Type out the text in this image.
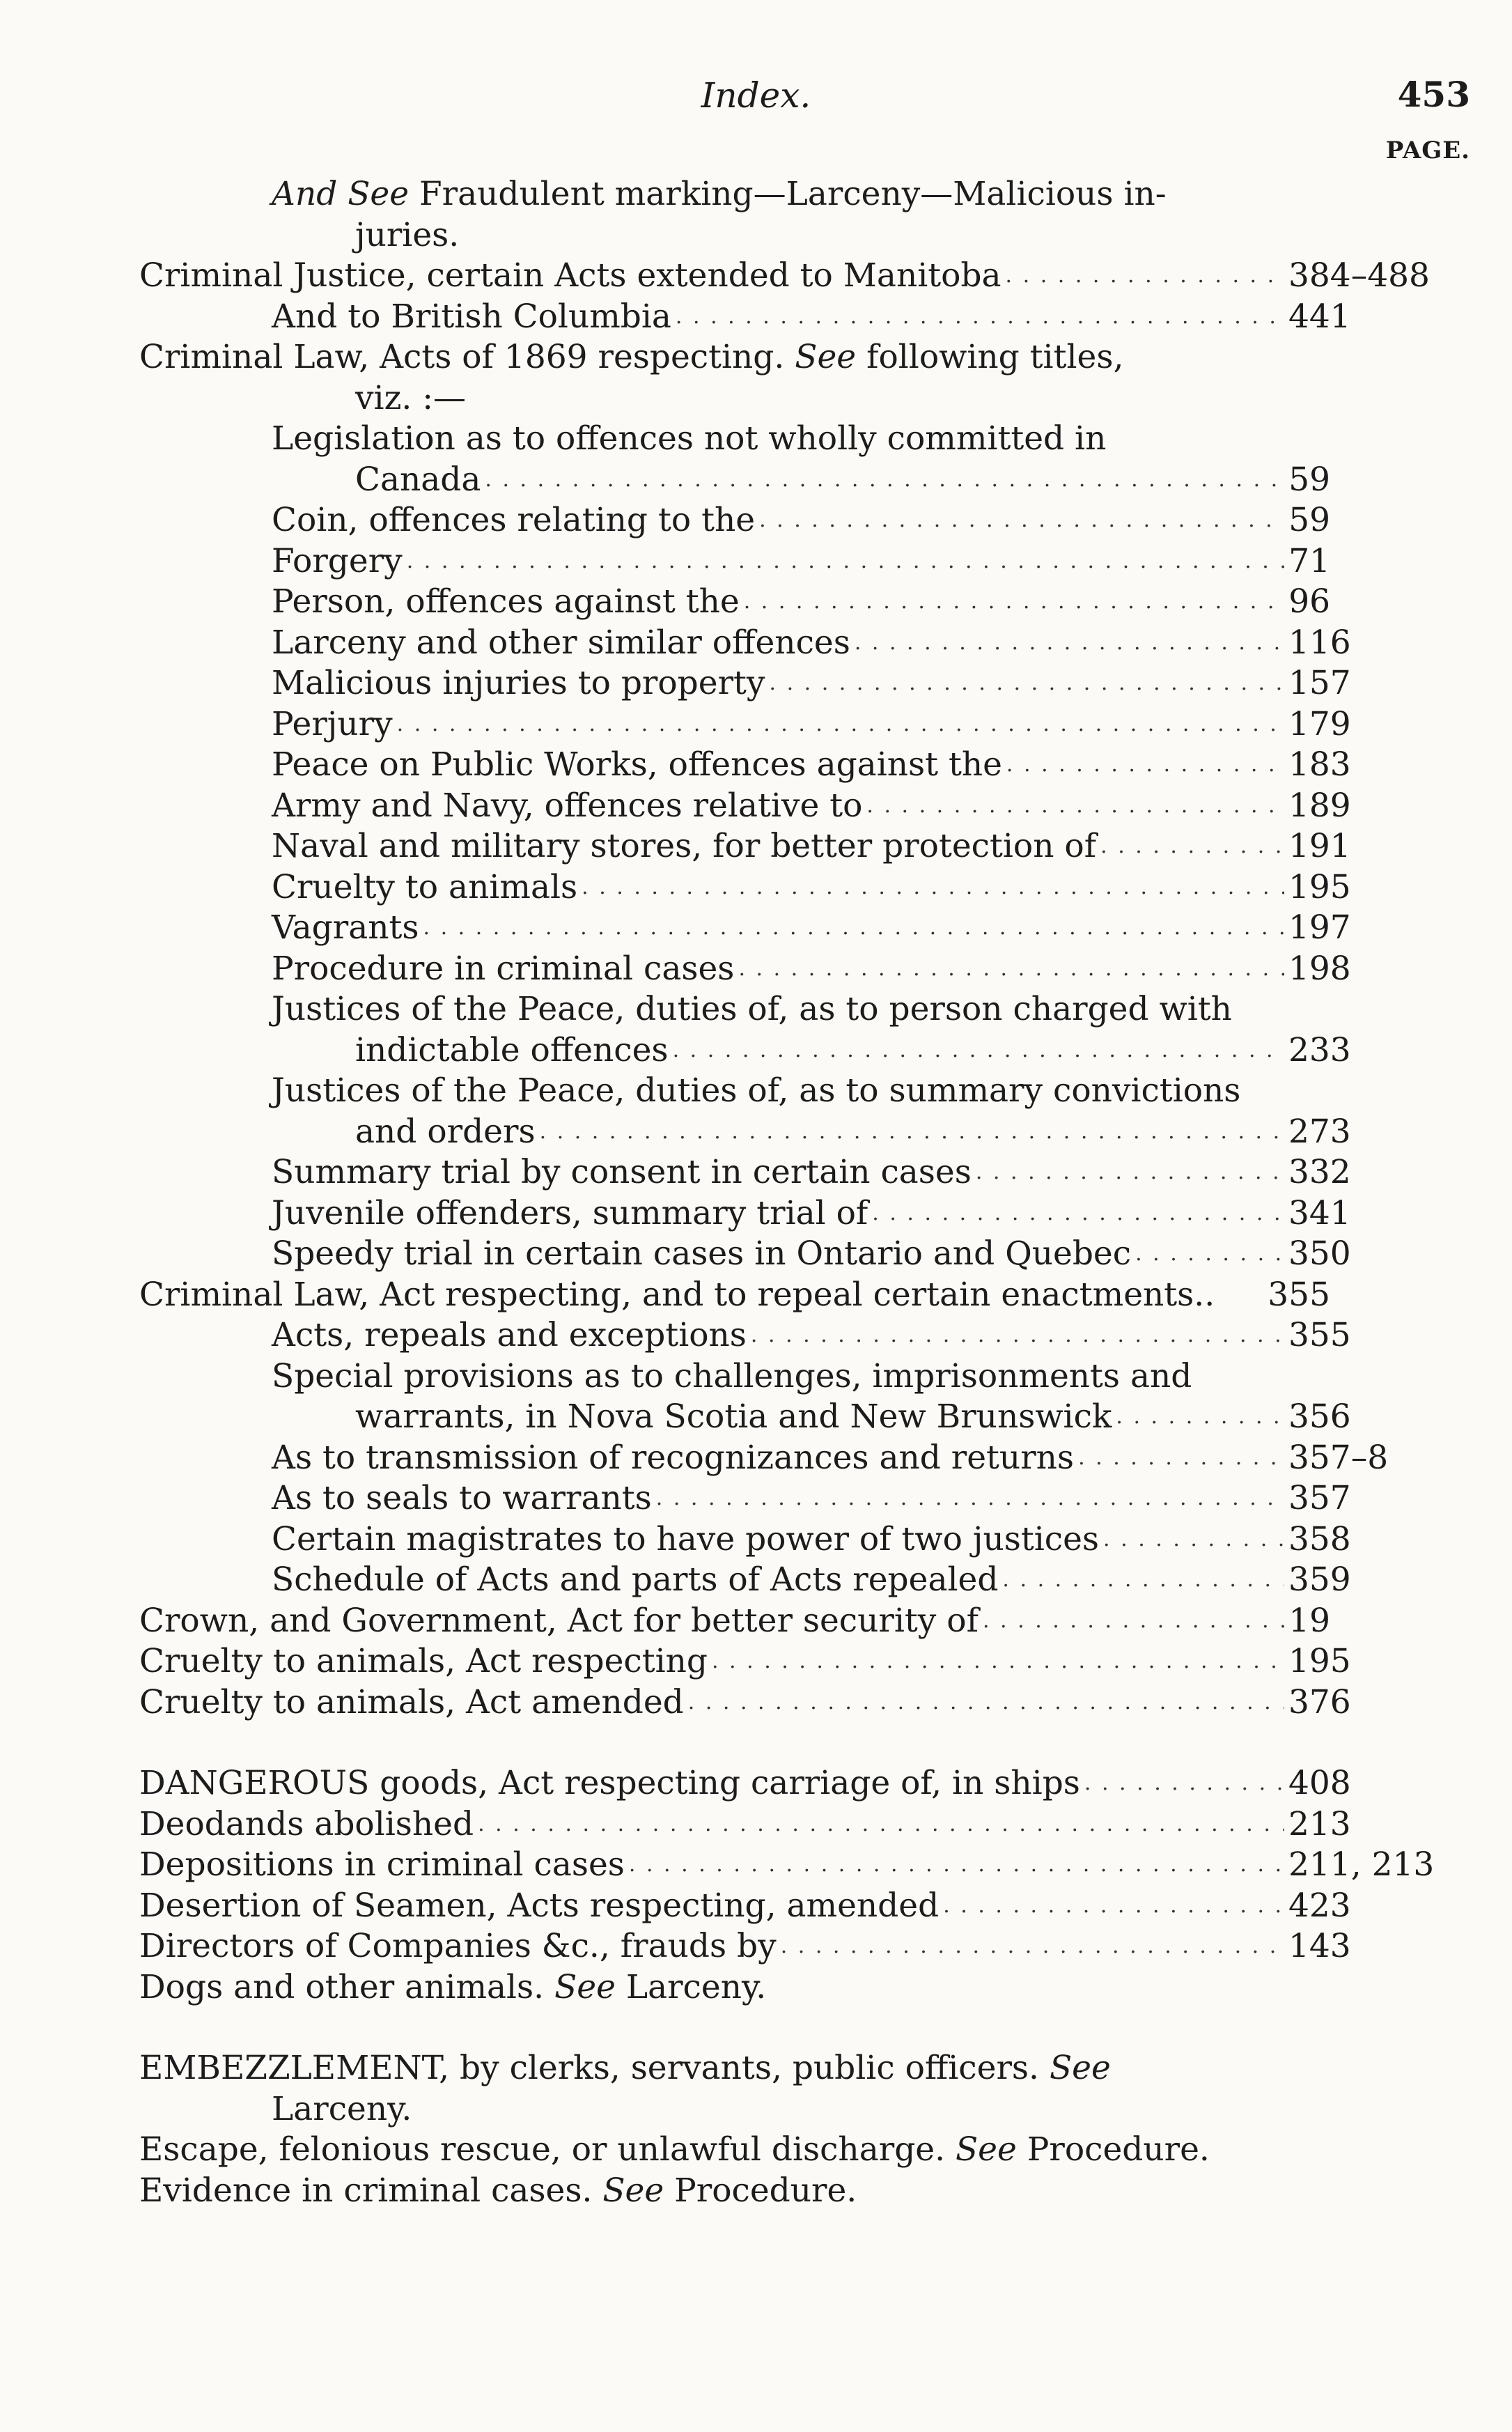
Index.	453
PAGE.
And See Fraudulent marking—Larceny—Malicious in-
juries.
Criminal Justice, certain Acts extended to Manitoba . . .	384–488
And to British Columbia . . .	441
Criminal Law, Acts of 1869 respecting. See following titles,
viz. :—
Legislation as to offences not wholly committed in
Canada . . .	59
Coin, offences relating to the . . .	59
Forgery . . .	71
Person, offences against the . . .	96
Larceny and other similar offences . . .	116
Malicious injuries to property . . .	157
Perjury . . .	179
Peace on Public Works, offences against the . . .	183
Army and Navy, offences relative to . . .	189
Naval and military stores, for better protection of . . .	191
Cruelty to animals . . .	195
Vagrants . . .	197
Procedure in criminal cases . . .	198
Justices of the Peace, duties of, as to person charged with
indictable offences . . .	233
Justices of the Peace, duties of, as to summary convictions
and orders . . .	273
Summary trial by consent in certain cases . . .	332
Juvenile offenders, summary trial of . . .	341
Speedy trial in certain cases in Ontario and Quebec . . .	350
Criminal Law, Act respecting, and to repeal certain enactments.. 355
Acts, repeals and exceptions . . .	355
Special provisions as to challenges, imprisonments and
warrants, in Nova Scotia and New Brunswick . . .	356
As to transmission of recognizances and returns . . .	357–8
As to seals to warrants . . .	357
Certain magistrates to have power of two justices . . .	358
Schedule of Acts and parts of Acts repealed . . .	359
Crown, and Government, Act for better security of . . .	19
Cruelty to animals, Act respecting . . .	195
Cruelty to animals, Act amended . . .	376
DANGEROUS goods, Act respecting carriage of, in ships . . .	408
Deodands abolished . . .	213
Depositions in criminal cases . . .	211, 213
Desertion of Seamen, Acts respecting, amended . . .	423
Directors of Companies &c., frauds by . . .	143
Dogs and other animals. See Larceny.
EMBEZZLEMENT, by clerks, servants, public officers. See
Larceny.
Escape, felonious rescue, or unlawful discharge. See Procedure.
Evidence in criminal cases. See Procedure.
